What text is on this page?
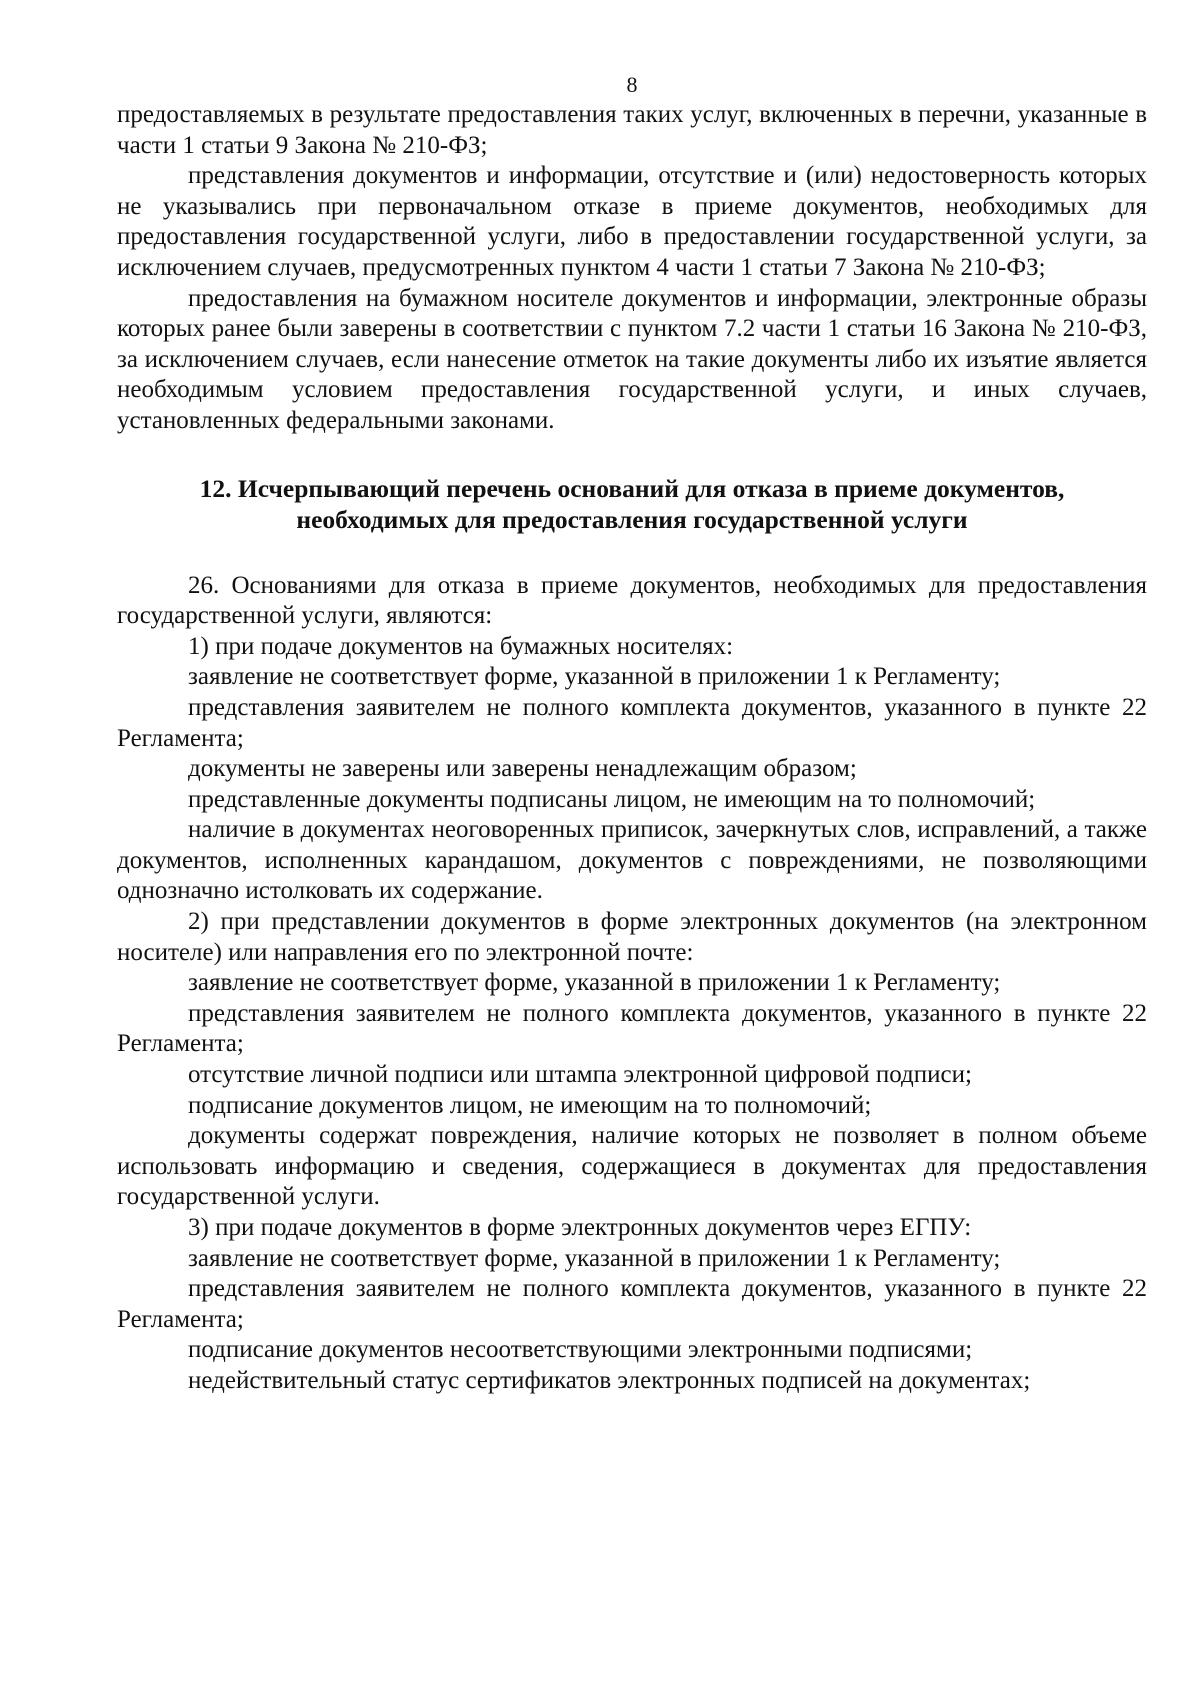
8

предоставляемых в результате предоставления таких услуг, включенных в перечни, указанные в части 1 статьи 9 Закона № 210-ФЗ;

представления документов и информации, отсутствие и (или) недостоверность которых не указывались при первоначальном отказе в приеме документов, необходимых для предоставления государственной услуги, либо в предоставлении государственной услуги, за исключением случаев, предусмотренных пунктом 4 части 1 статьи 7 Закона № 210-ФЗ;

предоставления на бумажном носителе документов и информации, электронные образы которых ранее были заверены в соответствии с пунктом 7.2 части 1 статьи 16 Закона № 210-ФЗ, за исключением случаев, если нанесение отметок на такие документы либо их изъятие является необходимым условием предоставления государственной услуги, и иных случаев, установленных федеральными законами.

12. Исчерпывающий перечень оснований для отказа в приеме документов,
необходимых для предоставления государственной услуги

26. Основаниями для отказа в приеме документов, необходимых для предоставления государственной услуги, являются:

1) при подаче документов на бумажных носителях:

заявление не соответствует форме, указанной в приложении 1 к Регламенту;

представления заявителем не полного комплекта документов, указанного в пункте 22 Регламента;

документы не заверены или заверены ненадлежащим образом;

представленные документы подписаны лицом, не имеющим на то полномочий;

наличие в документах неоговоренных приписок, зачеркнутых слов, исправлений, а также документов, исполненных карандашом, документов с повреждениями, не позволяющими однозначно истолковать их содержание.

2) при представлении документов в форме электронных документов (на электронном носителе) или направления его по электронной почте:

заявление не соответствует форме, указанной в приложении 1 к Регламенту;

представления заявителем не полного комплекта документов, указанного в пункте 22 Регламента;

отсутствие личной подписи или штампа электронной цифровой подписи;

подписание документов лицом, не имеющим на то полномочий;

документы содержат повреждения, наличие которых не позволяет в полном объеме использовать информацию и сведения, содержащиеся в документах для предоставления государственной услуги.

3) при подаче документов в форме электронных документов через ЕГПУ:

заявление не соответствует форме, указанной в приложении 1 к Регламенту;

представления заявителем не полного комплекта документов, указанного в пункте 22 Регламента;

подписание документов несоответствующими электронными подписями;

недействительный статус сертификатов электронных подписей на документах;
